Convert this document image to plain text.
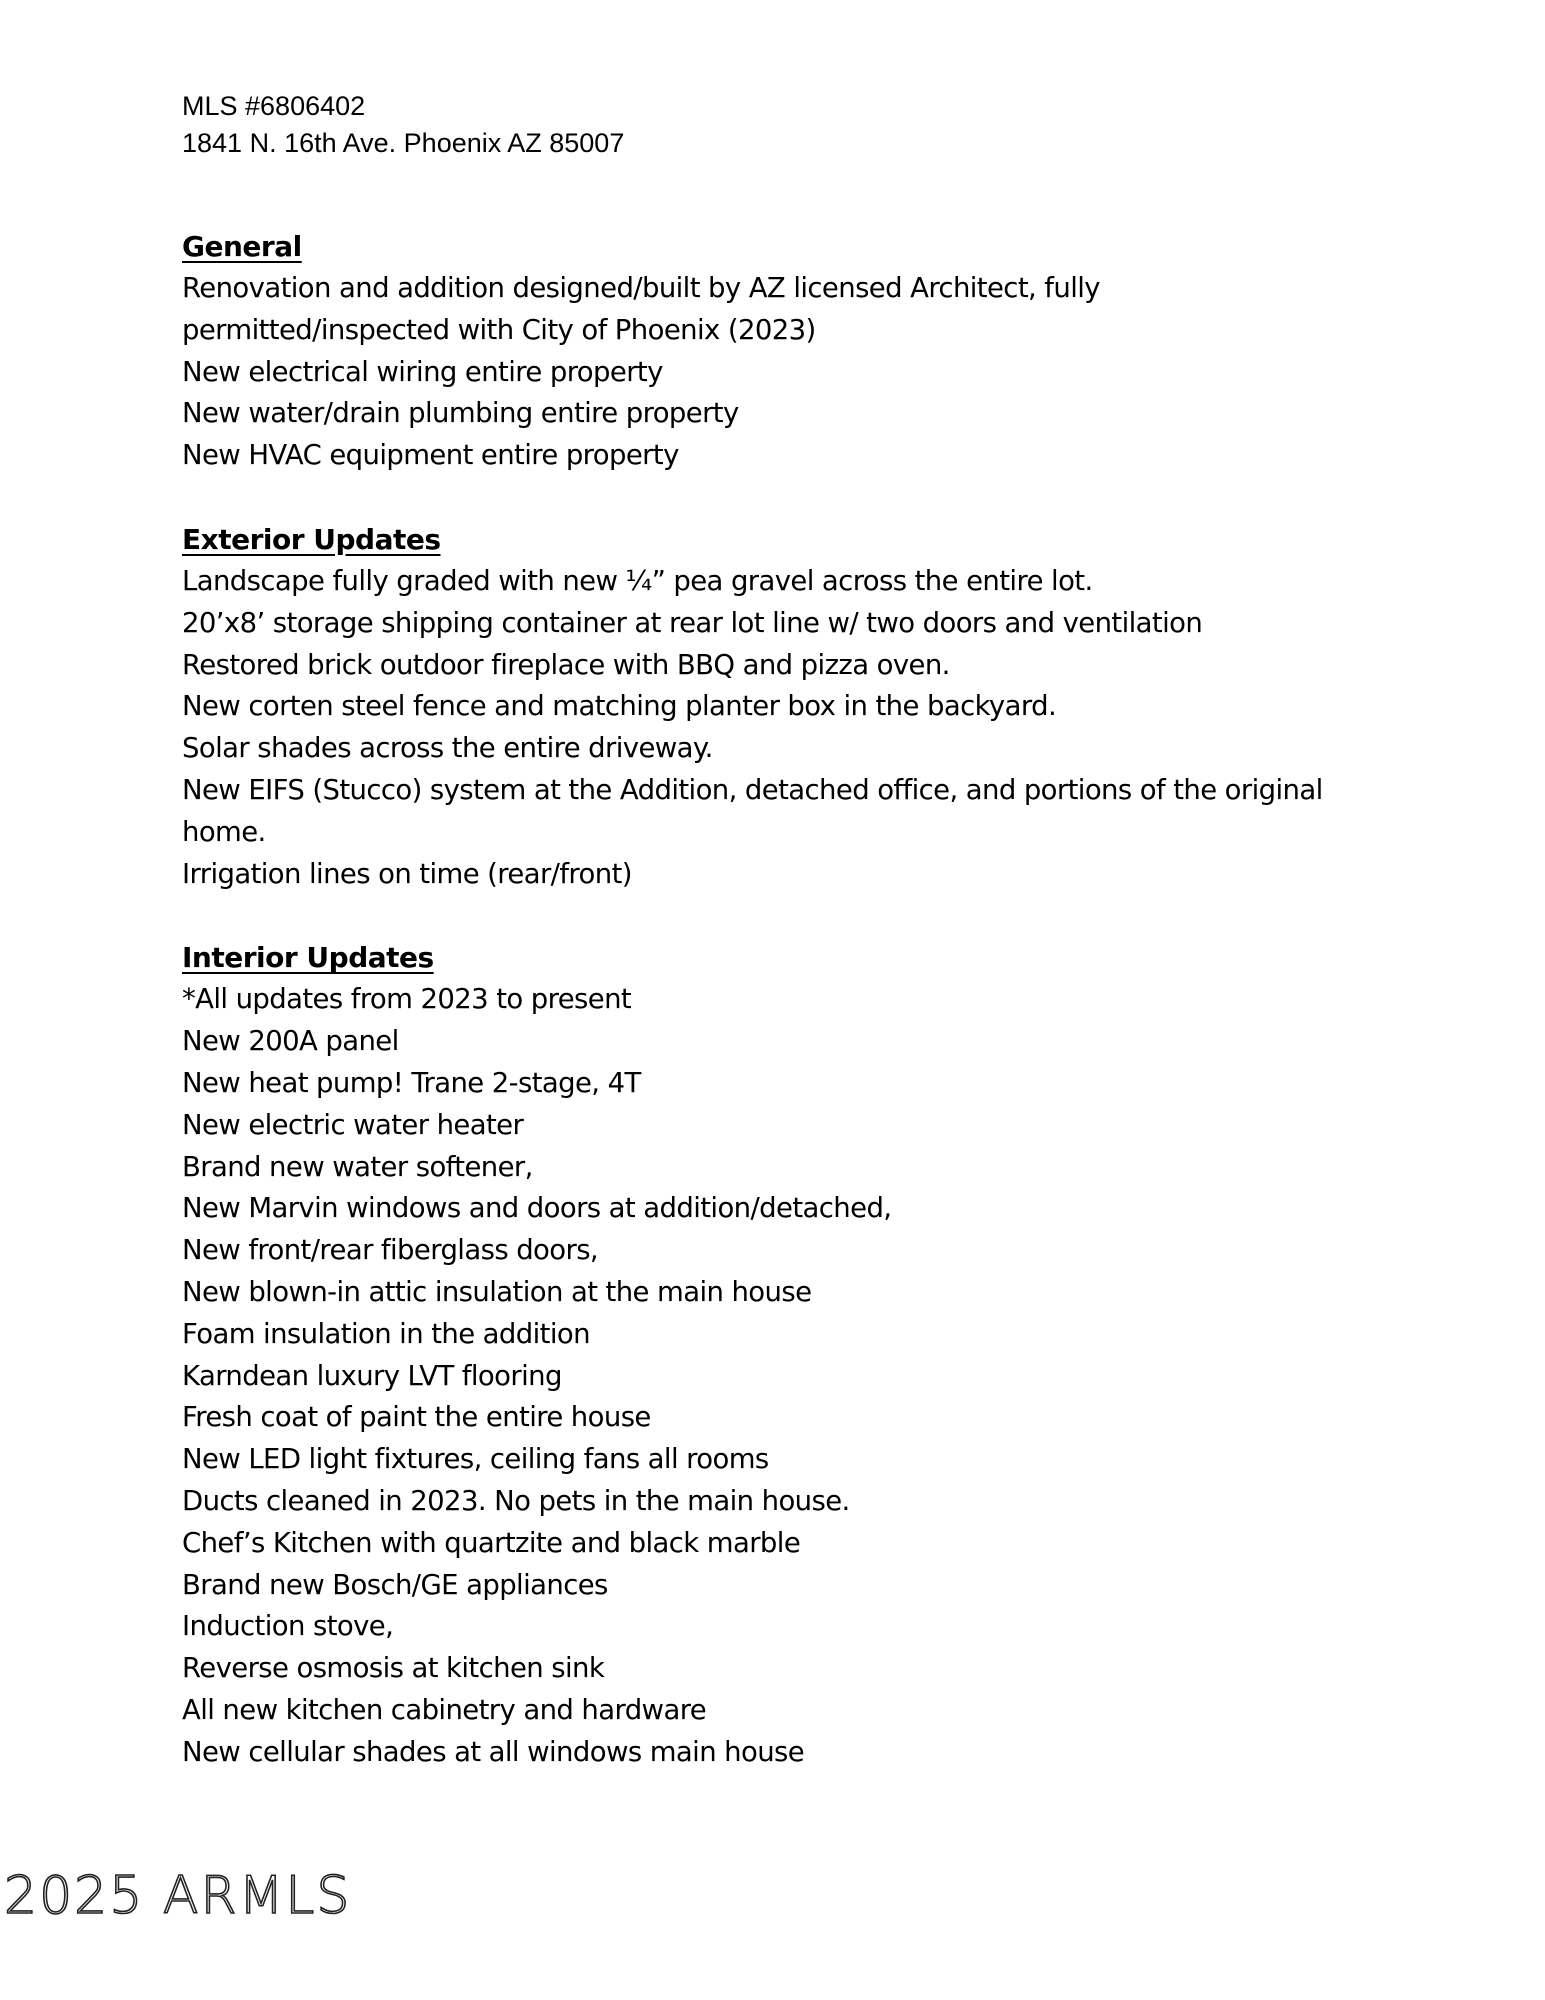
MLS #6806402

1841 N. 16th Ave. Phoenix AZ 85007

General
Renovation and addition designed/built by AZ licensed Architect, fully
permitted/inspected with City of Phoenix (2023)
New electrical wiring entire property
New water/drain plumbing entire property
New HVAC equipment entire property
Exterior Updates
Landscape fully graded with new ¼” pea gravel across the entire lot.
20’x8’ storage shipping container at rear lot line w/ two doors and ventilation
Restored brick outdoor fireplace with BBQ and pizza oven.
New corten steel fence and matching planter box in the backyard.
Solar shades across the entire driveway.
New EIFS (Stucco) system at the Addition, detached office, and portions of the original home.
Irrigation lines on time (rear/front)
Interior Updates
*All updates from 2023 to present
New 200A panel
New heat pump! Trane 2-stage, 4T
New electric water heater
Brand new water softener,
New Marvin windows and doors at addition/detached,
New front/rear fiberglass doors,
New blown-in attic insulation at the main house
Foam insulation in the addition
Karndean luxury LVT flooring
Fresh coat of paint the entire house
New LED light fixtures, ceiling fans all rooms
Ducts cleaned in 2023. No pets in the main house.
Chef’s Kitchen with quartzite and black marble
Brand new Bosch/GE appliances
Induction stove,
Reverse osmosis at kitchen sink
All new kitchen cabinetry and hardware
New cellular shades at all windows main house
2025 ARMLS
